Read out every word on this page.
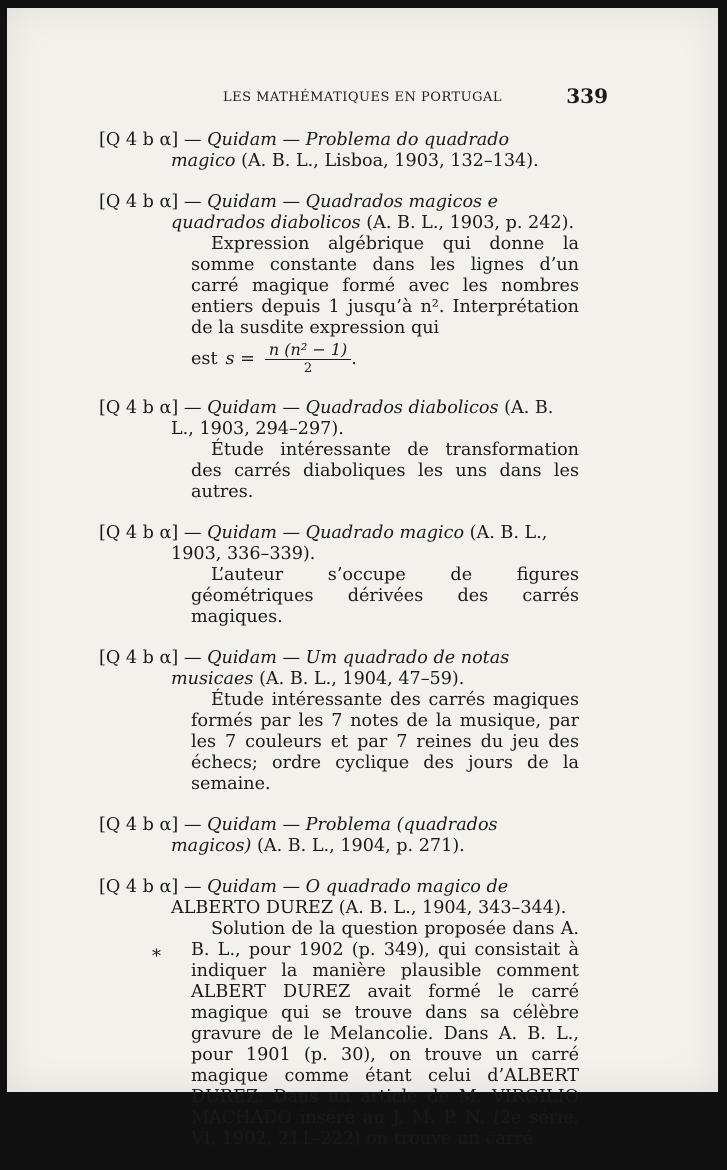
LES MATHÉMATIQUES EN PORTUGAL	339

[Q 4 b α] — Quidam — Problema do quadrado magico (A. B. L., Lisboa, 1903, 132–134).

[Q 4 b α] — Quidam — Quadrados magicos e quadrados diabolicos (A. B. L., 1903, p. 242).

Expression algébrique qui donne la somme constante dans les lignes d’un carré magique formé avec les nombres entiers depuis 1 jusqu’à n². Interprétation de la susdite expression qui

est $s = \frac{\text{n (n² − 1)}}{2}$ .

[Q 4 b α] — Quidam — Quadrados diabolicos (A. B. L., 1903, 294–297).

Étude intéressante de transformation des carrés diaboliques les uns dans les autres.

[Q 4 b α] — Quidam — Quadrado magico (A. B. L., 1903, 336–339).

L’auteur s’occupe de figures géométriques dérivées des carrés magiques.

[Q 4 b α] — Quidam — Um quadrado de notas musicaes (A. B. L., 1904, 47–59).

Étude intéressante des carrés magiques formés par les 7 notes de la musique, par les 7 couleurs et par 7 reines du jeu des échecs; ordre cyclique des jours de la semaine.

[Q 4 b α] — Quidam — Problema (quadrados magicos) (A. B. L., 1904, p. 271).

[Q 4 b α] — Quidam — O quadrado magico de ALBERTO DUREZ (A. B. L., 1904, 343–344).

Solution de la question proposée dans A. B. L., pour 1902 (p. 349), qui consistait à indiquer la manière plausible comment ALBERT DUREZ avait formé le carré magique qui se trouve dans sa célèbre gravure de le Melancolie. Dans A. B. L., pour 1901 (p. 30), on trouve un carré magique comme étant celui d’ALBERT DUREZ. Dans un article de M. VIRGILIO MACHADO inséré au J. M. P. N. (2e série, VI, 1902, 211–222) on trouve un carré

*
